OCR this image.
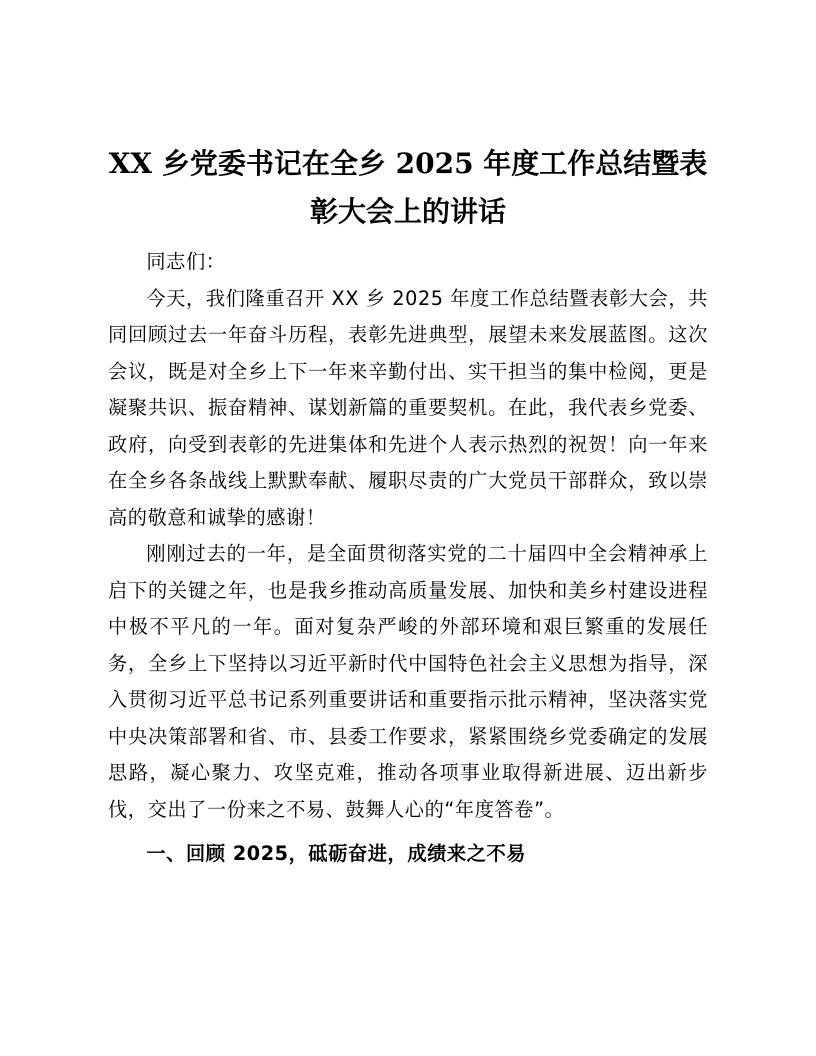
XX 乡党委书记在全乡 2025 年度工作总结暨表彰大会上的讲话

同志们：

今天，我们隆重召开 XX 乡 2025 年度工作总结暨表彰大会，共同回顾过去一年奋斗历程，表彰先进典型，展望未来发展蓝图。这次会议，既是对全乡上下一年来辛勤付出、实干担当的集中检阅，更是凝聚共识、振奋精神、谋划新篇的重要契机。在此，我代表乡党委、政府，向受到表彰的先进集体和先进个人表示热烈的祝贺！向一年来在全乡各条战线上默默奉献、履职尽责的广大党员干部群众，致以崇高的敬意和诚挚的感谢！

刚刚过去的一年，是全面贯彻落实党的二十届四中全会精神承上启下的关键之年，也是我乡推动高质量发展、加快和美乡村建设进程中极不平凡的一年。面对复杂严峻的外部环境和艰巨繁重的发展任务，全乡上下坚持以习近平新时代中国特色社会主义思想为指导，深入贯彻习近平总书记系列重要讲话和重要指示批示精神，坚决落实党中央决策部署和省、市、县委工作要求，紧紧围绕乡党委确定的发展思路，凝心聚力、攻坚克难，推动各项事业取得新进展、迈出新步伐，交出了一份来之不易、鼓舞人心的“年度答卷”。

一、回顾 2025，砥砺奋进，成绩来之不易
